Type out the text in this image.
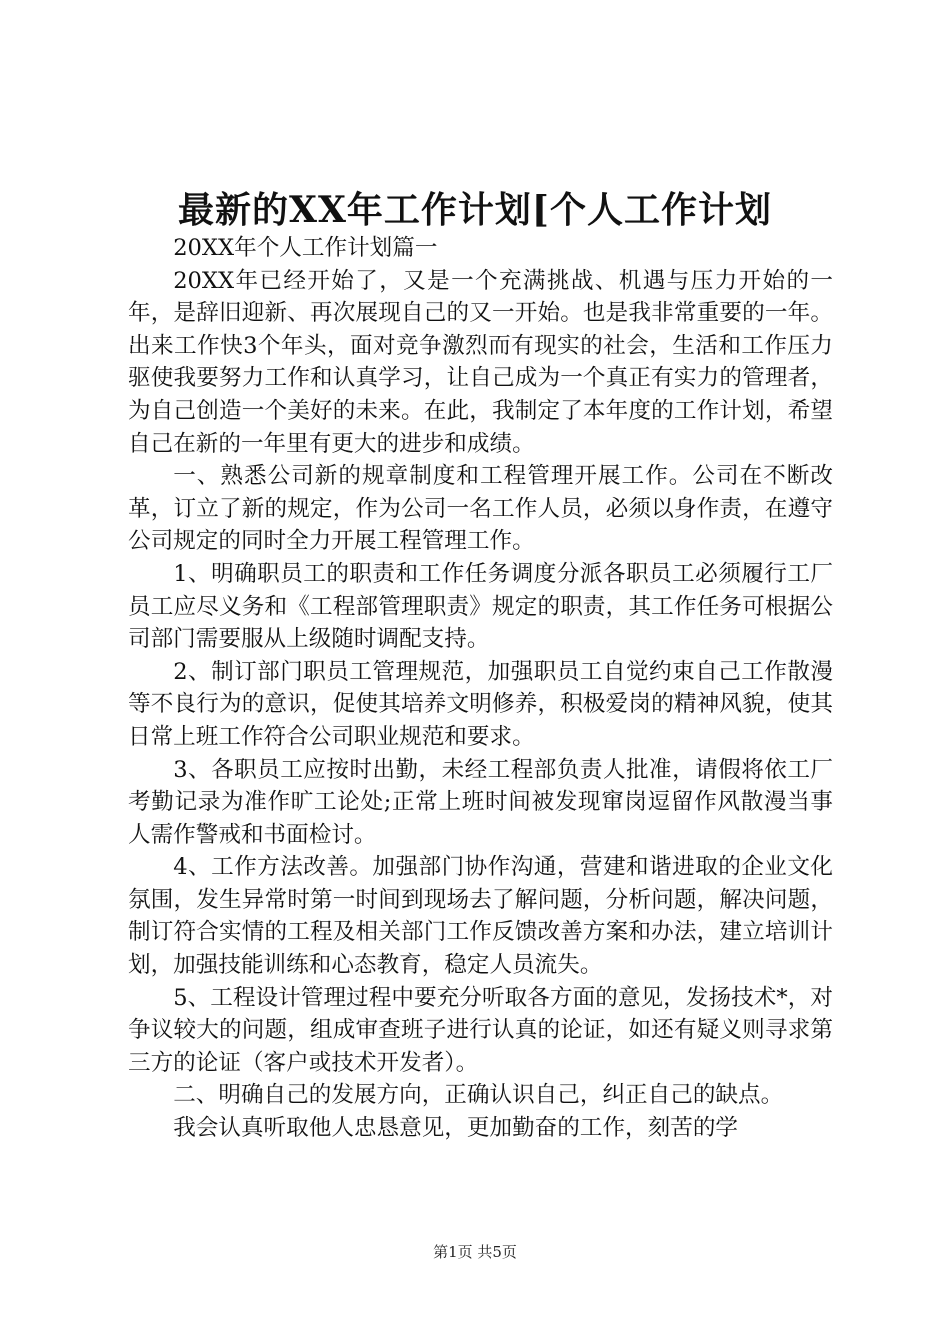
最新的XX年工作计划[个人工作计划

20XX年个人工作计划篇一

20XX年已经开始了，又是一个充满挑战、机遇与压力开始的一年，是辞旧迎新、再次展现自己的又一开始。也是我非常重要的一年。出来工作快3个年头，面对竞争激烈而有现实的社会，生活和工作压力驱使我要努力工作和认真学习，让自己成为一个真正有实力的管理者，为自己创造一个美好的未来。在此，我制定了本年度的工作计划，希望自己在新的一年里有更大的进步和成绩。

一、熟悉公司新的规章制度和工程管理开展工作。公司在不断改革，订立了新的规定，作为公司一名工作人员，必须以身作责，在遵守公司规定的同时全力开展工程管理工作。

1、明确职员工的职责和工作任务调度分派各职员工必须履行工厂员工应尽义务和《工程部管理职责》规定的职责，其工作任务可根据公司部门需要服从上级随时调配支持。

2、制订部门职员工管理规范，加强职员工自觉约束自己工作散漫等不良行为的意识，促使其培养文明修养，积极爱岗的精神风貌，使其日常上班工作符合公司职业规范和要求。

3、各职员工应按时出勤，未经工程部负责人批准，请假将依工厂考勤记录为准作旷工论处;正常上班时间被发现窜岗逗留作风散漫当事人需作警戒和书面检讨。

4、工作方法改善。加强部门协作沟通，营建和谐进取的企业文化氛围，发生异常时第一时间到现场去了解问题，分析问题，解决问题，制订符合实情的工程及相关部门工作反馈改善方案和办法，建立培训计划，加强技能训练和心态教育，稳定人员流失。

5、工程设计管理过程中要充分听取各方面的意见，发扬技术*，对争议较大的问题，组成审查班子进行认真的论证，如还有疑义则寻求第三方的论证（客户或技术开发者）。

二、明确自己的发展方向，正确认识自己，纠正自己的缺点。

我会认真听取他人忠恳意见，更加勤奋的工作，刻苦的学

第1页 共5页
